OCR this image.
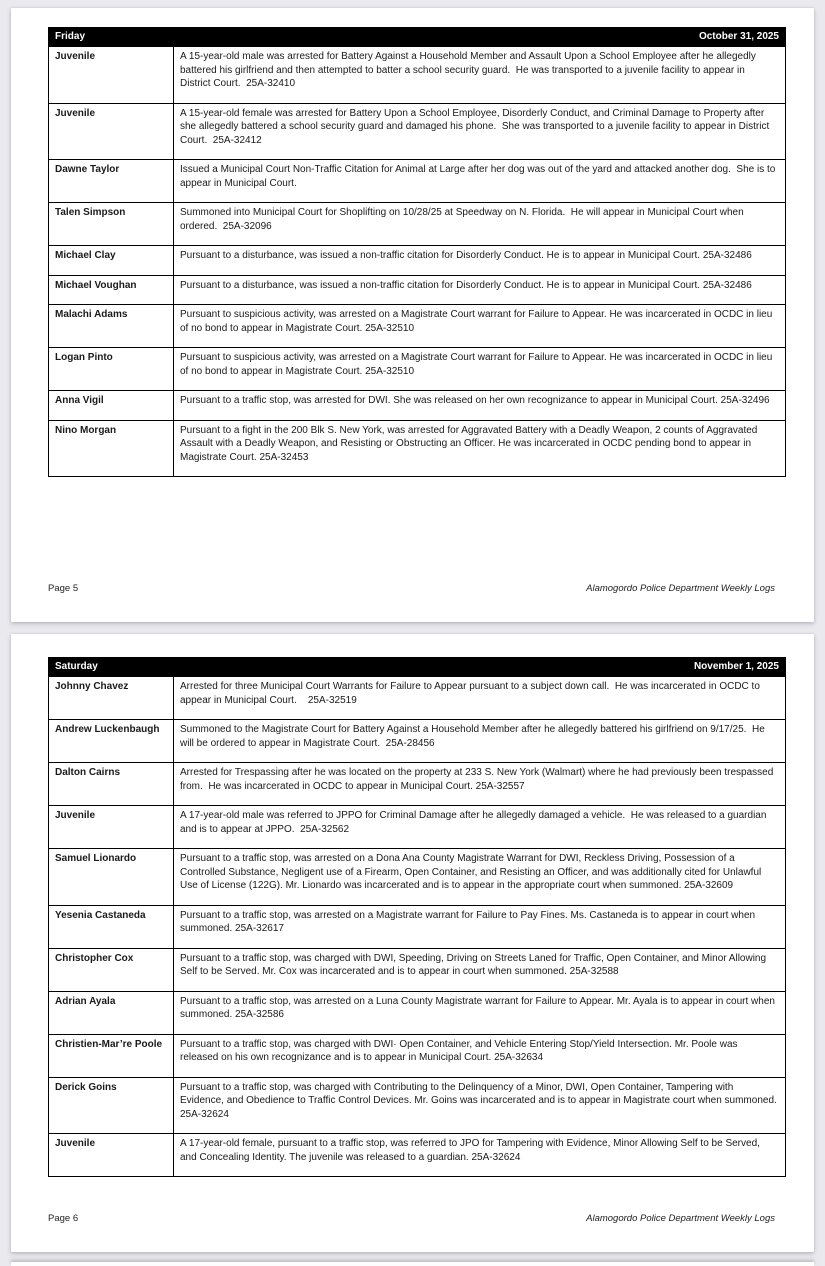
Friday	October 31, 2025
Juvenile	A 15-year-old male was arrested for Battery Against a Household Member and Assault Upon a School Employee after he allegedly battered his girlfriend and then attempted to batter a school security guard.  He was transported to a juvenile facility to appear in District Court.  25A-32410
Juvenile	A 15-year-old female was arrested for Battery Upon a School Employee, Disorderly Conduct, and Criminal Damage to Property after she allegedly battered a school security guard and damaged his phone.  She was transported to a juvenile facility to appear in District Court.  25A-32412
Dawne Taylor	Issued a Municipal Court Non-Traffic Citation for Animal at Large after her dog was out of the yard and attacked another dog.  She is to appear in Municipal Court.
Talen Simpson	Summoned into Municipal Court for Shoplifting on 10/28/25 at Speedway on N. Florida.  He will appear in Municipal Court when ordered.  25A-32096
Michael Clay	Pursuant to a disturbance, was issued a non-traffic citation for Disorderly Conduct. He is to appear in Municipal Court. 25A-32486
Michael Voughan	Pursuant to a disturbance, was issued a non-traffic citation for Disorderly Conduct. He is to appear in Municipal Court. 25A-32486
Malachi Adams	Pursuant to suspicious activity, was arrested on a Magistrate Court warrant for Failure to Appear. He was incarcerated in OCDC in lieu of no bond to appear in Magistrate Court. 25A-32510
Logan Pinto	Pursuant to suspicious activity, was arrested on a Magistrate Court warrant for Failure to Appear. He was incarcerated in OCDC in lieu of no bond to appear in Magistrate Court. 25A-32510
Anna Vigil	Pursuant to a traffic stop, was arrested for DWI. She was released on her own recognizance to appear in Municipal Court. 25A-32496
Nino Morgan	Pursuant to a fight in the 200 Blk S. New York, was arrested for Aggravated Battery with a Deadly Weapon, 2 counts of Aggravated Assault with a Deadly Weapon, and Resisting or Obstructing an Officer. He was incarcerated in OCDC pending bond to appear in Magistrate Court. 25A-32453
Page 5	Alamogordo Police Department Weekly Logs
Saturday	November 1, 2025
Johnny Chavez	Arrested for three Municipal Court Warrants for Failure to Appear pursuant to a subject down call.  He was incarcerated in OCDC to appear in Municipal Court.    25A-32519
Andrew Luckenbaugh	Summoned to the Magistrate Court for Battery Against a Household Member after he allegedly battered his girlfriend on 9/17/25.  He will be ordered to appear in Magistrate Court.  25A-28456
Dalton Cairns	Arrested for Trespassing after he was located on the property at 233 S. New York (Walmart) where he had previously been trespassed from.  He was incarcerated in OCDC to appear in Municipal Court. 25A-32557
Juvenile	A 17-year-old male was referred to JPPO for Criminal Damage after he allegedly damaged a vehicle.  He was released to a guardian and is to appear at JPPO.  25A-32562
Samuel Lionardo	Pursuant to a traffic stop, was arrested on a Dona Ana County Magistrate Warrant for DWI, Reckless Driving, Possession of a Controlled Substance, Negligent use of a Firearm, Open Container, and Resisting an Officer, and was additionally cited for Unlawful Use of License (122G). Mr. Lionardo was incarcerated and is to appear in the appropriate court when summoned. 25A-32609
Yesenia Castaneda	Pursuant to a traffic stop, was arrested on a Magistrate warrant for Failure to Pay Fines. Ms. Castaneda is to appear in court when summoned. 25A-32617
Christopher Cox	Pursuant to a traffic stop, was charged with DWI, Speeding, Driving on Streets Laned for Traffic, Open Container, and Minor Allowing Self to be Served. Mr. Cox was incarcerated and is to appear in court when summoned. 25A-32588
Adrian Ayala	Pursuant to a traffic stop, was arrested on a Luna County Magistrate warrant for Failure to Appear. Mr. Ayala is to appear in court when summoned. 25A-32586
Christien-Mar’re Poole	Pursuant to a traffic stop, was charged with DWI· Open Container, and Vehicle Entering Stop/Yield Intersection. Mr. Poole was released on his own recognizance and is to appear in Municipal Court. 25A-32634
Derick Goins	Pursuant to a traffic stop, was charged with Contributing to the Delinquency of a Minor, DWI, Open Container, Tampering with Evidence, and Obedience to Traffic Control Devices. Mr. Goins was incarcerated and is to appear in Magistrate court when summoned. 25A-32624
Juvenile	A 17-year-old female, pursuant to a traffic stop, was referred to JPO for Tampering with Evidence, Minor Allowing Self to be Served, and Concealing Identity. The juvenile was released to a guardian. 25A-32624
Page 6	Alamogordo Police Department Weekly Logs
